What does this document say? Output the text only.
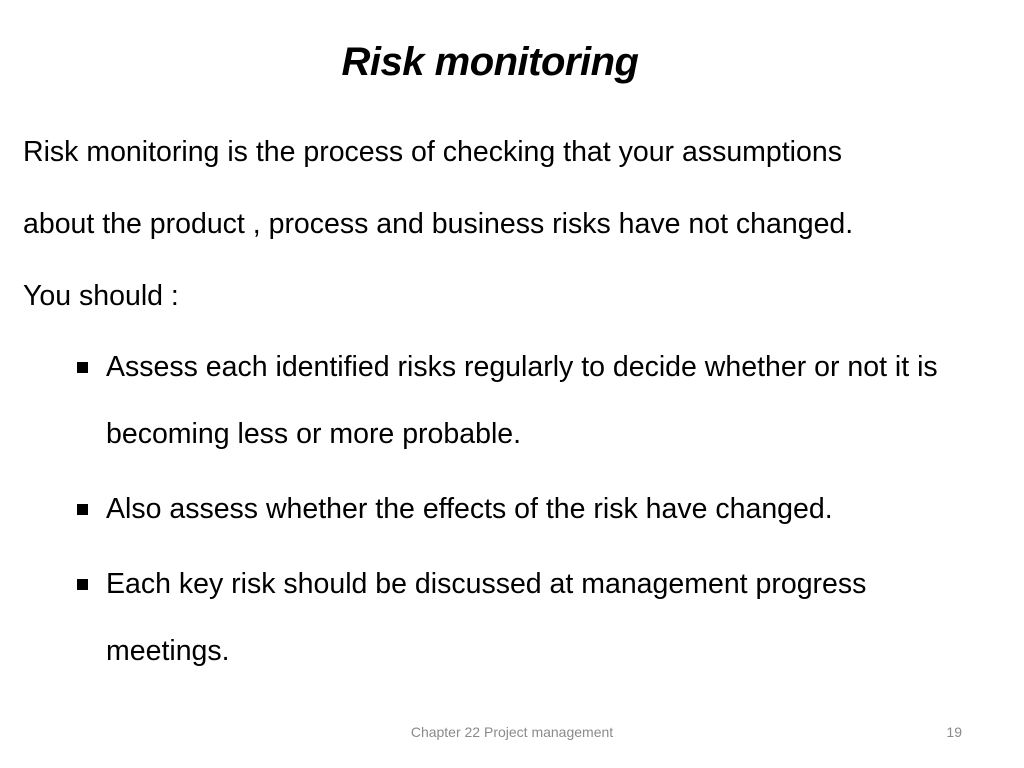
Risk monitoring

Risk monitoring is the process of checking that your assumptions

about the product , process and business risks have not changed.

You should :

Assess each identified risks regularly to decide whether or not it is becoming less or more probable.
Also assess whether the effects of the risk have changed.
Each key risk should be discussed at management progress meetings.
Chapter 22 Project management	19
